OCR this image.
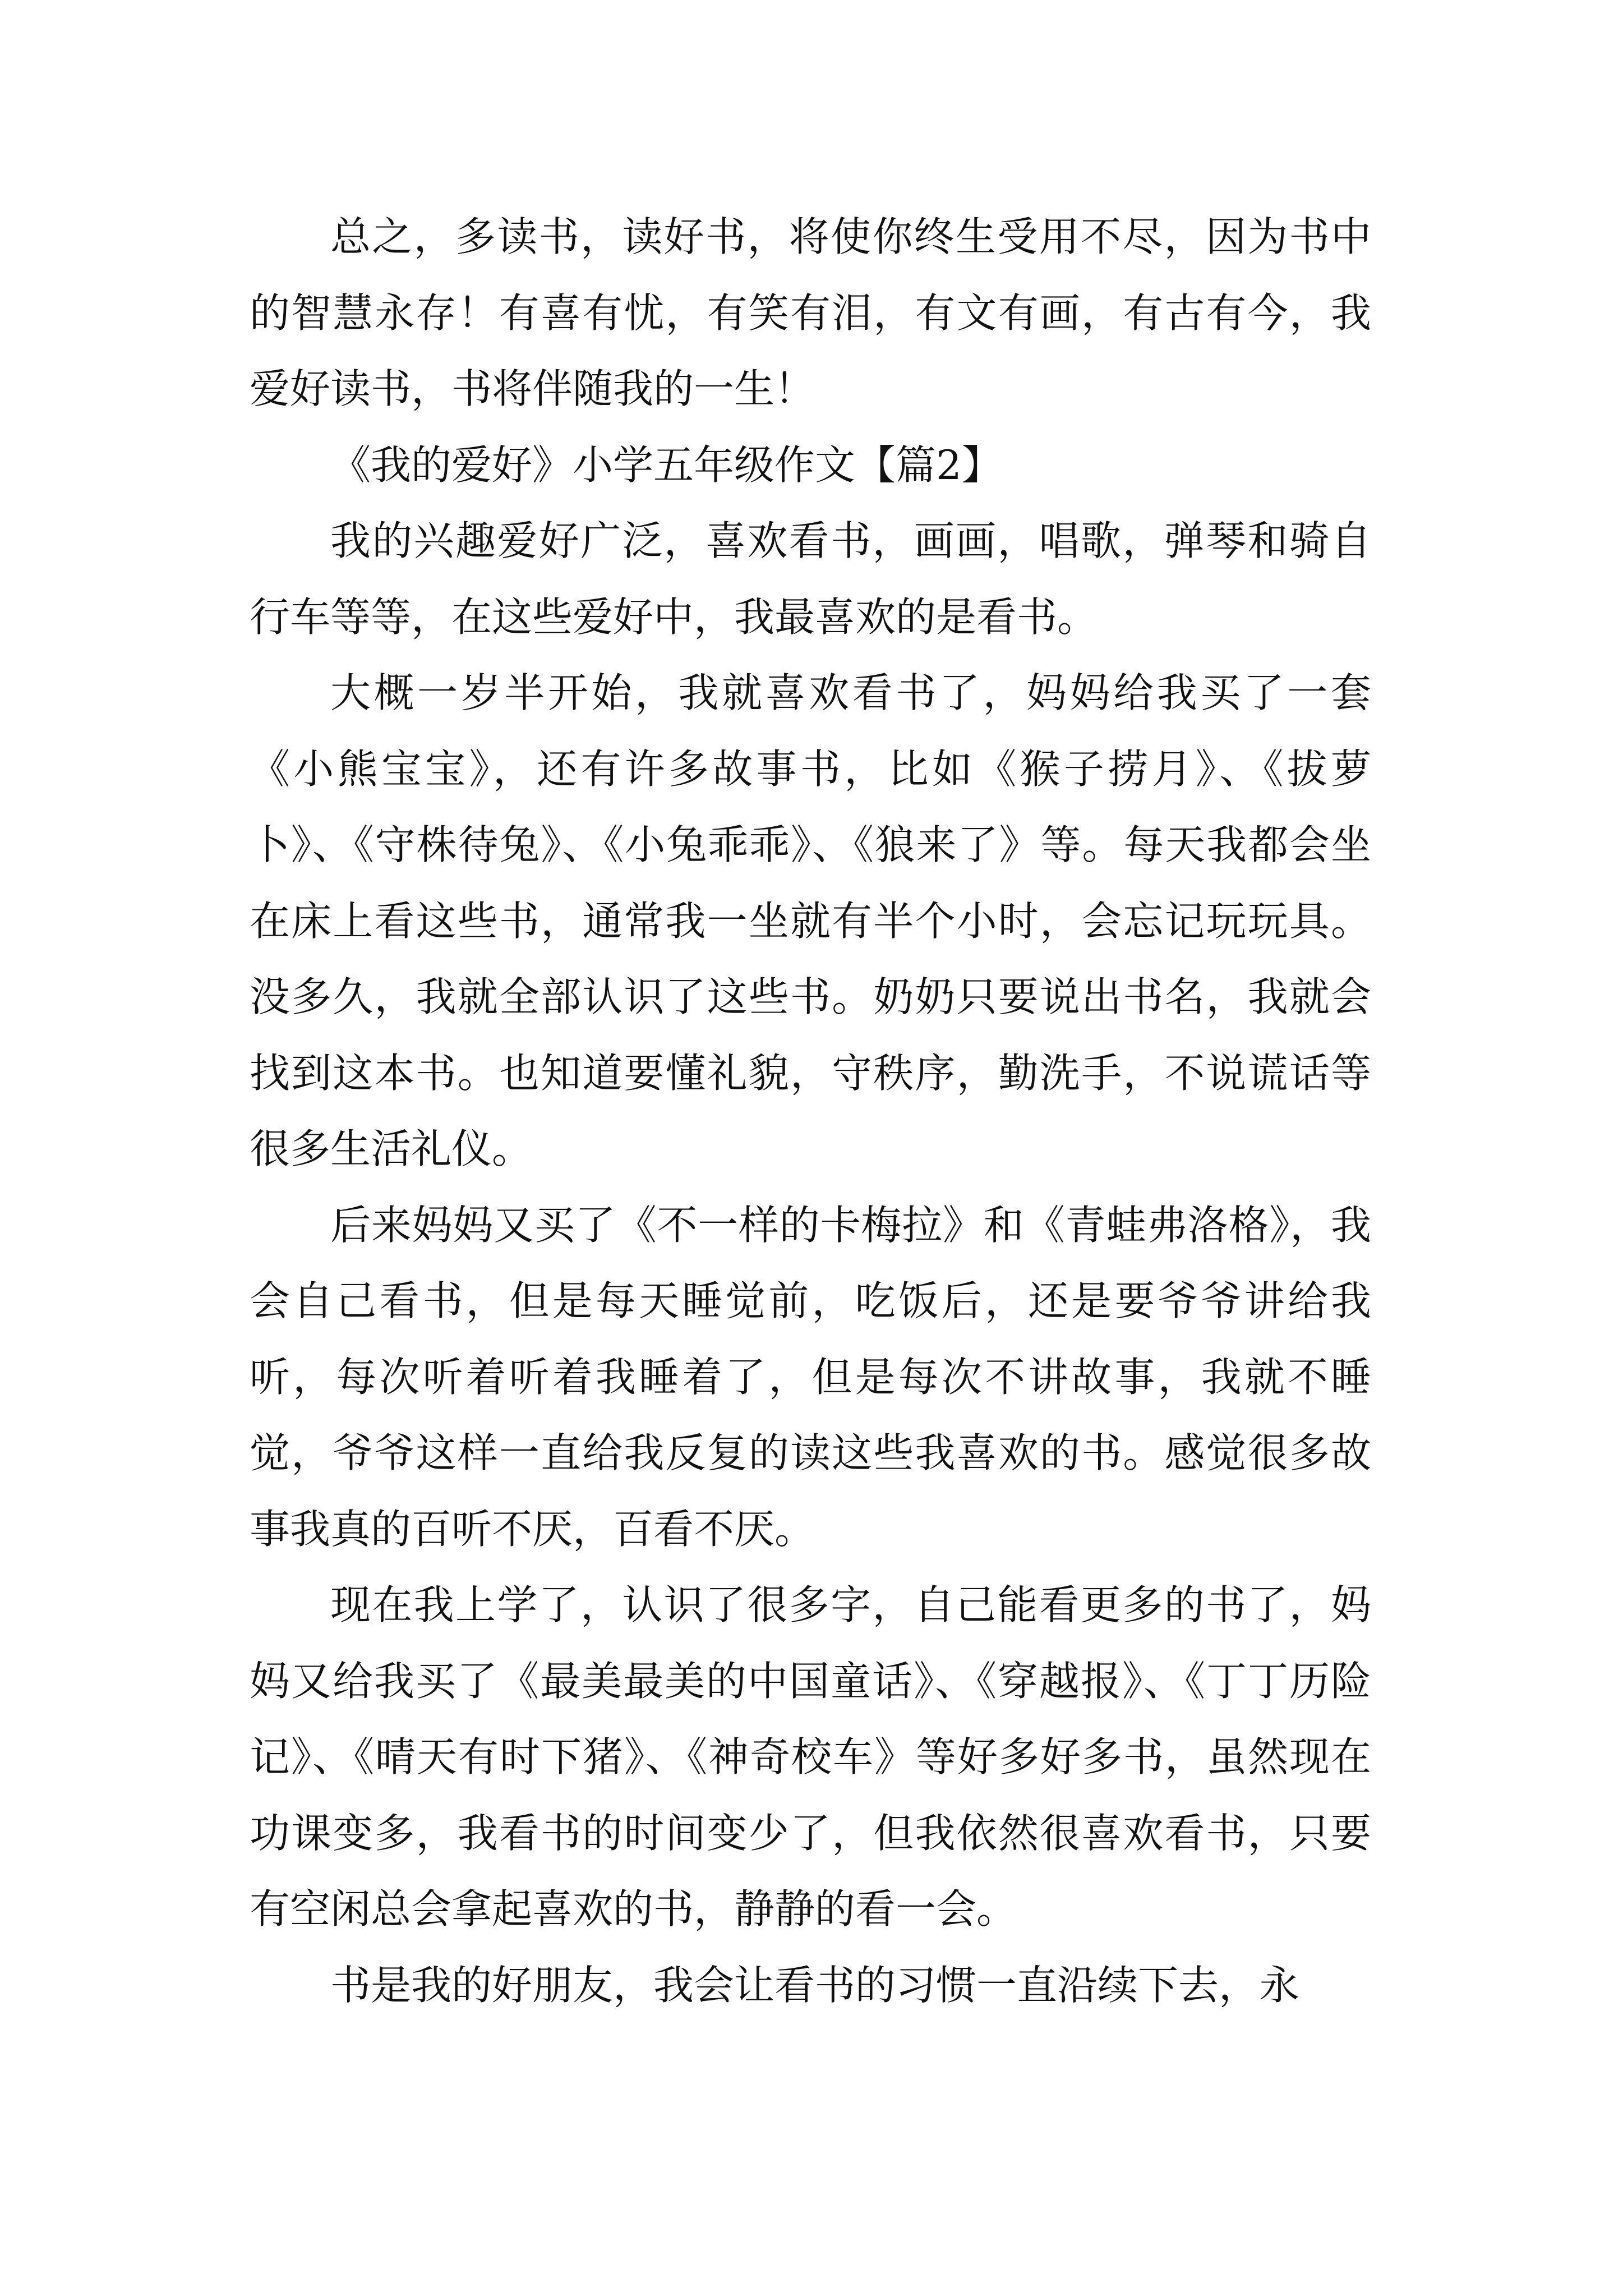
总之，多读书，读好书，将使你终生受用不尽，因为书中的智慧永存！有喜有忧，有笑有泪，有文有画，有古有今，我爱好读书，书将伴随我的一生！

《我的爱好》小学五年级作文【篇2】

我的兴趣爱好广泛，喜欢看书，画画，唱歌，弹琴和骑自行车等等，在这些爱好中，我最喜欢的是看书。

大概一岁半开始，我就喜欢看书了，妈妈给我买了一套《小熊宝宝》，还有许多故事书，比如《猴子捞月》、《拔萝卜》、《守株待兔》、《小兔乖乖》、《狼来了》等。每天我都会坐在床上看这些书，通常我一坐就有半个小时，会忘记玩玩具。没多久，我就全部认识了这些书。奶奶只要说出书名，我就会找到这本书。也知道要懂礼貌，守秩序，勤洗手，不说谎话等很多生活礼仪。

后来妈妈又买了《不一样的卡梅拉》和《青蛙弗洛格》，我会自己看书，但是每天睡觉前，吃饭后，还是要爷爷讲给我听，每次听着听着我睡着了，但是每次不讲故事，我就不睡觉，爷爷这样一直给我反复的读这些我喜欢的书。感觉很多故事我真的百听不厌，百看不厌。

现在我上学了，认识了很多字，自己能看更多的书了，妈妈又给我买了《最美最美的中国童话》、《穿越报》、《丁丁历险记》、《晴天有时下猪》、《神奇校车》等好多好多书，虽然现在功课变多，我看书的时间变少了，但我依然很喜欢看书，只要有空闲总会拿起喜欢的书，静静的看一会。

书是我的好朋友，我会让看书的习惯一直沿续下去，永
